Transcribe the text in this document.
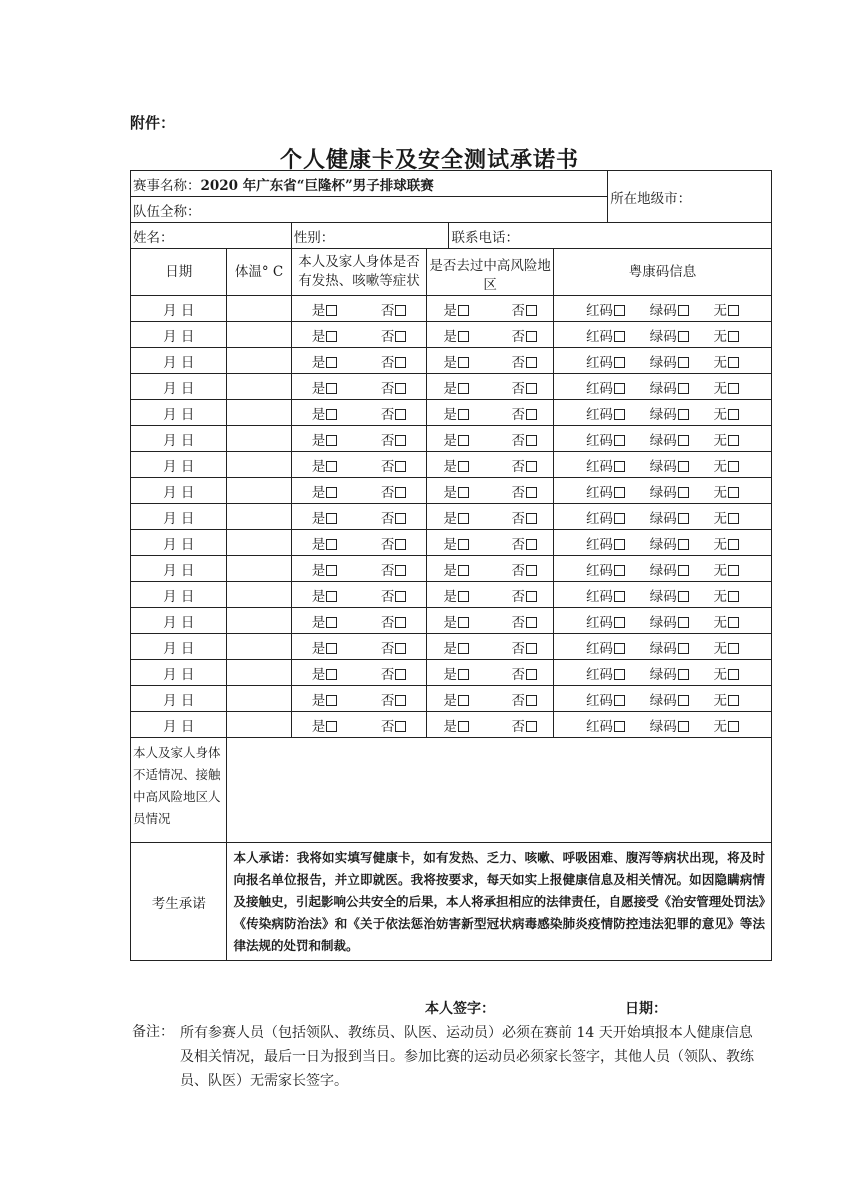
附件：
个人健康卡及安全测试承诺书
赛事名称：2020 年广东省“巨隆杯”男子排球联赛						所在地级市：
队伍全称：						
姓名：		性别：		联系电话：		
日期	体温° C	本人及家人身体是否有发热、咳嗽等症状	是否去过中高风险地区		粤康码信息	
月 日		是 否	是 否		红码 绿码 无	

月 日		是 否	是 否		红码 绿码 无	

月 日		是 否	是 否		红码 绿码 无	

月 日		是 否	是 否		红码 绿码 无	

月 日		是 否	是 否		红码 绿码 无	

月 日		是 否	是 否		红码 绿码 无	

月 日		是 否	是 否		红码 绿码 无	

月 日		是 否	是 否		红码 绿码 无	

月 日		是 否	是 否		红码 绿码 无	

月 日		是 否	是 否		红码 绿码 无	

月 日		是 否	是 否		红码 绿码 无	

月 日		是 否	是 否		红码 绿码 无	

月 日		是 否	是 否		红码 绿码 无	

月 日		是 否	是 否		红码 绿码 无	

月 日		是 否	是 否		红码 绿码 无	

月 日		是 否	是 否		红码 绿码 无	

月 日		是 否	是 否		红码 绿码 无	

本人及家人身体不适情况、接触中高风险地区人员情况						
考生承诺	本人承诺：我将如实填写健康卡，如有发热、乏力、咳嗽、呼吸困难、腹泻等病状出现，将及时向报名单位报告，并立即就医。我将按要求，每天如实上报健康信息及相关情况。如因隐瞒病情及接触史，引起影响公共安全的后果，本人将承担相应的法律责任，自愿接受《治安管理处罚法》《传染病防治法》和《关于依法惩治妨害新型冠状病毒感染肺炎疫情防控违法犯罪的意见》等法律法规的处罚和制裁。					
本人签字：	日期：
备注： 所有参赛人员（包括领队、教练员、队医、运动员）必须在赛前 14 天开始填报本人健康信息及相关情况，最后一日为报到当日。参加比赛的运动员必须家长签字，其他人员（领队、教练员、队医）无需家长签字。
